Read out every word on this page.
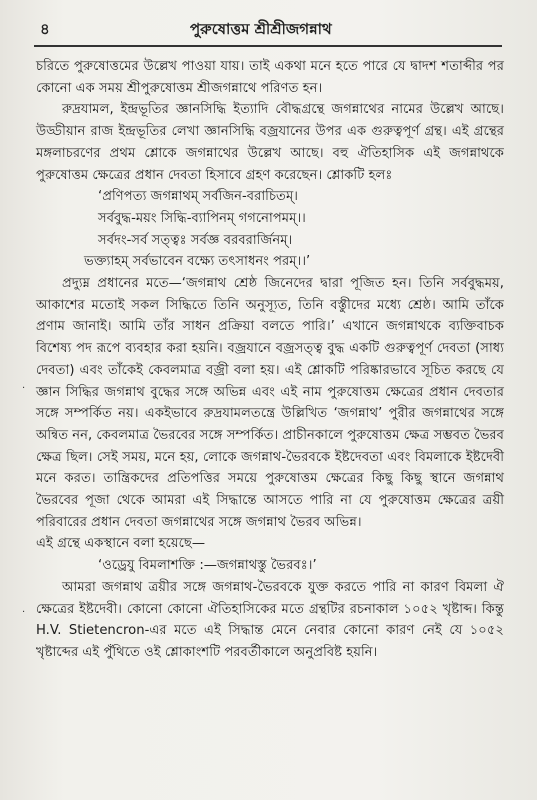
৪	পুরুষোত্তম শ্রীশ্রীজগন্নাথ
.
.

চরিতে পুরুষোত্তমের উল্লেখ পাওয়া যায়। তাই একথা মনে হতে পারে যে দ্বাদশ শতাব্দীর পর কোনো এক সময় শ্রীপুরুষোত্তম শ্রীজগন্নাথে পরিণত হন।

রুদ্রযামল, ইন্দ্রভূতির জ্ঞানসিদ্ধি ইত্যাদি বৌদ্ধগ্রন্থে জগন্নাথের নামের উল্লেখ আছে। উড্ডীয়ান রাজ ইন্দ্রভূতির লেখা জ্ঞানসিদ্ধি বজ্রযানের উপর এক গুরুত্বপূর্ণ গ্রন্থ। এই গ্রন্থের মঙ্গলাচরণের প্রথম শ্লোকে জগন্নাথের উল্লেখ আছে। বহু ঐতিহাসিক এই জগন্নাথকে পুরুষোত্তম ক্ষেত্রের প্রধান দেবতা হিসাবে গ্রহণ করেছেন। শ্লোকটি হলঃ

‘প্রণিপত্য জগন্নাথম্ সর্বজিন-বরাচিতম্।

সর্ববুদ্ধ-ময়ং সিদ্ধি-ব্যাপিনম্ গগনোপমম্।।

সর্বদং-সর্ব সত্ত্বঃ সর্বজ্ঞ বরবরার্জিনম্।

ভক্ত্যাহম্ সর্বভাবেন বক্ষ্যে তৎসাধনং পরম্।।’

প্রদ্যুম্ন প্রধানের মতে—‘জগন্নাথ শ্রেষ্ঠ জিনেদের দ্বারা পূজিত হন। তিনি সর্ববুদ্ধময়, আকাশের মতোই সকল সিদ্ধিতে তিনি অনুস্যূত, তিনি বস্তুীদের মধ্যে শ্রেষ্ঠ। আমি তাঁকে প্রণাম জানাই। আমি তাঁর সাধন প্রক্রিয়া বলতে পারি।’ এখানে জগন্নাথকে ব্যক্তিবাচক বিশেষ্য পদ রূপে ব্যবহার করা হয়নি। বজ্রযানে বজ্রসত্ত্ব বুদ্ধ একটি গুরুত্বপূর্ণ দেবতা (সাধ্য দেবতা) এবং তাঁকেই কেবলমাত্র বজ্রী বলা হয়। এই শ্লোকটি পরিষ্কারভাবে সূচিত করছে যে জ্ঞান সিদ্ধির জগন্নাথ বুদ্ধের সঙ্গে অভিন্ন এবং এই নাম পুরুষোত্তম ক্ষেত্রের প্রধান দেবতার সঙ্গে সম্পর্কিত নয়। একইভাবে রুদ্রযামলতন্ত্রে উল্লিখিত ‘জগন্নাথ’ পুরীর জগন্নাথের সঙ্গে অন্বিত নন, কেবলমাত্র ভৈরবের সঙ্গে সম্পর্কিত। প্রাচীনকালে পুরুষোত্তম ক্ষেত্র সম্ভবত ভৈরব ক্ষেত্র ছিল। সেই সময়, মনে হয়, লোকে জগন্নাথ-ভৈরবকে ইষ্টদেবতা এবং বিমলাকে ইষ্টদেবী মনে করত। তান্ত্রিকদের প্রতিপত্তির সময়ে পুরুষোত্তম ক্ষেত্রের কিছু কিছু স্থানে জগন্নাথ ভৈরবের পূজা থেকে আমরা এই সিদ্ধান্তে আসতে পারি না যে পুরুষোত্তম ক্ষেত্রের ত্রয়ী পরিবারের প্রধান দেবতা জগন্নাথের সঙ্গে জগন্নাথ ভৈরব অভিন্ন।

এই গ্রন্থে একস্থানে বলা হয়েছে—

‘ওড্রেযু বিমলাশক্তি :—জগন্নাথস্তু ভৈরবঃ।’

আমরা জগন্নাথ ত্রয়ীর সঙ্গে জগন্নাথ-ভৈরবকে যুক্ত করতে পারি না কারণ বিমলা ঐ ক্ষেত্রের ইষ্টদেবী। কোনো কোনো ঐতিহাসিকের মতে গ্রন্থটির রচনাকাল ১০৫২ খৃষ্টাব্দ। কিন্তু H.V. Stietencron-এর মতে এই সিদ্ধান্ত মেনে নেবার কোনো কারণ নেই যে ১০৫২ খৃষ্টাব্দের এই পুঁথিতে ওই শ্লোকাংশটি পরবর্তীকালে অনুপ্রবিষ্ট হয়নি।
